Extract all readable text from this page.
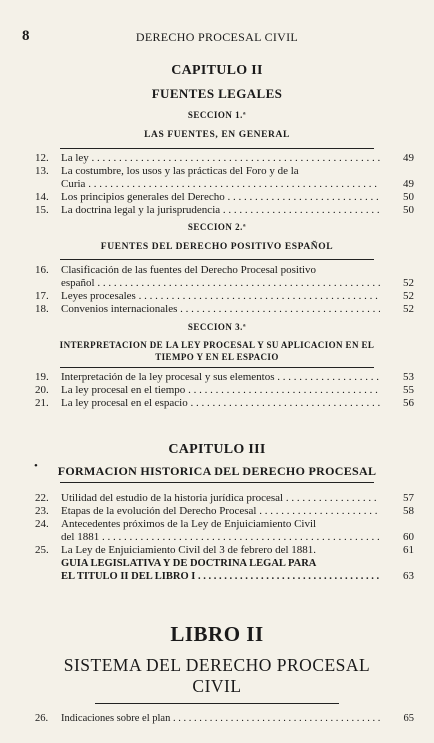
8	DERECHO PROCESAL CIVIL
CAPITULO II
FUENTES LEGALES
SECCION 1.ª
LAS FUENTES, EN GENERAL
12.	La ley . . .	49
13.	La costumbre, los usos y las prácticas del Foro y de la
Curia . . .	49
14.	Los principios generales del Derecho . . .	50
15.	La doctrina legal y la jurisprudencia . . .	50
SECCION 2.ª
FUENTES DEL DERECHO POSITIVO ESPAÑOL
16.	Clasificación de las fuentes del Derecho Procesal positivo
español . . .	52
17.	Leyes procesales . . .	52
18.	Convenios internacionales . . .	52
SECCION 3.ª
INTERPRETACION DE LA LEY PROCESAL Y SU APLICACION EN EL
TIEMPO Y EN EL ESPACIO
19.	Interpretación de la ley procesal y sus elementos . . .	53
20.	La ley procesal en el tiempo . . .	55
21.	La ley procesal en el espacio . . .	56
CAPITULO III
•	FORMACION HISTORICA DEL DERECHO PROCESAL
22.	Utilidad del estudio de la historia jurídica procesal . . .	57
23.	Etapas de la evolución del Derecho Procesal . . .	58
24.	Antecedentes próximos de la Ley de Enjuiciamiento Civil
del 1881 . . .	60
25.	La Ley de Enjuiciamiento Civil del 3 de febrero del 1881.	61
GUIA LEGISLATIVA Y DE DOCTRINA LEGAL PARA
EL TITULO II DEL LIBRO I . . .	63
LIBRO II
SISTEMA DEL DERECHO PROCESAL
CIVIL
26.	Indicaciones sobre el plan . . .	65
